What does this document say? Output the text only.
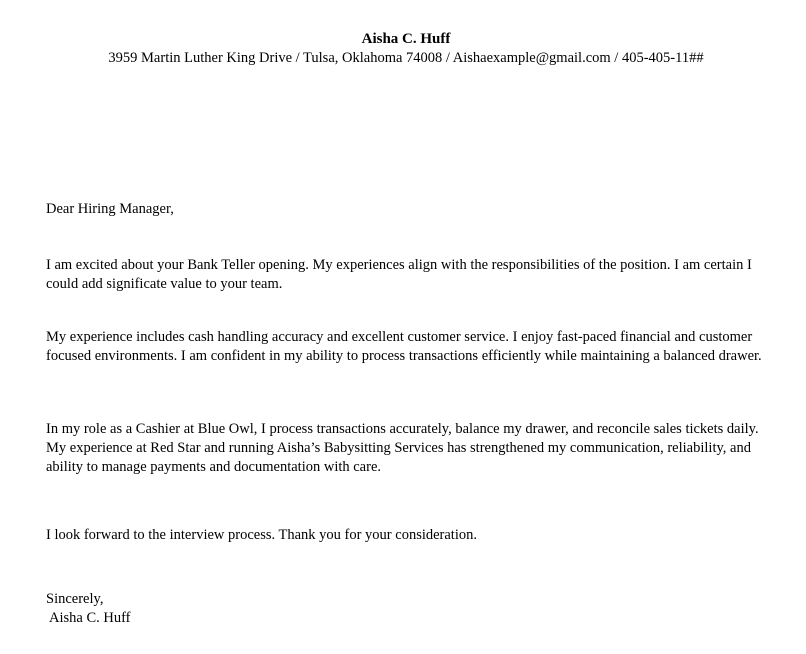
Aisha C. Huff
3959 Martin Luther King Drive / Tulsa, Oklahoma 74008 / Aishaexample@gmail.com / 405-405-11##

Dear Hiring Manager,

I am excited about your Bank Teller opening. My experiences align with the responsibilities of the position. I am certain I could add significate value to your team.

My experience includes cash handling accuracy and excellent customer service. I enjoy fast-paced financial and customer focused environments. I am confident in my ability to process transactions efficiently while maintaining a balanced drawer.

In my role as a Cashier at Blue Owl, I process transactions accurately, balance my drawer, and reconcile sales tickets daily. My experience at Red Star and running Aisha’s Babysitting Services has strengthened my communication, reliability, and ability to manage payments and documentation with care.

I look forward to the interview process. Thank you for your consideration.

Sincerely,

Aisha C. Huff
